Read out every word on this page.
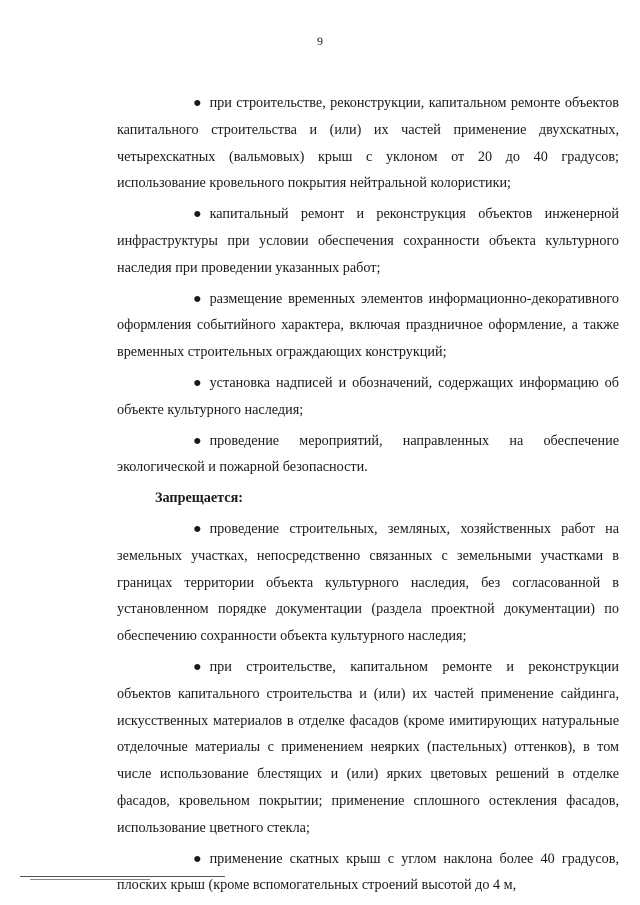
9

● при строительстве, реконструкции, капитальном ремонте объектов капитального строительства и (или) их частей применение двухскатных, четырехскатных (вальмовых) крыш с уклоном от 20 до 40 градусов; использование кровельного покрытия нейтральной колористики;

● капитальный ремонт и реконструкция объектов инженерной инфраструктуры при условии обеспечения сохранности объекта культурного наследия при проведении указанных работ;

● размещение временных элементов информационно-декоративного оформления событийного характера, включая праздничное оформление, а также временных строительных ограждающих конструкций;

● установка надписей и обозначений, содержащих информацию об объекте культурного наследия;

● проведение мероприятий, направленных на обеспечение экологической и пожарной безопасности.

Запрещается:

● проведение строительных, земляных, хозяйственных работ на земельных участках, непосредственно связанных с земельными участками в границах территории объекта культурного наследия, без согласованной в установленном порядке документации (раздела проектной документации) по обеспечению сохранности объекта культурного наследия;

● при строительстве, капитальном ремонте и реконструкции объектов капитального строительства и (или) их частей применение сайдинга, искусственных материалов в отделке фасадов (кроме имитирующих натуральные отделочные материалы с применением неярких (пастельных) оттенков), в том числе использование блестящих и (или) ярких цветовых решений в отделке фасадов, кровельном покрытии; применение сплошного остекления фасадов, использование цветного стекла;

● применение скатных крыш с углом наклона более 40 градусов, плоских крыш (кроме вспомогательных строений высотой до 4 м,
